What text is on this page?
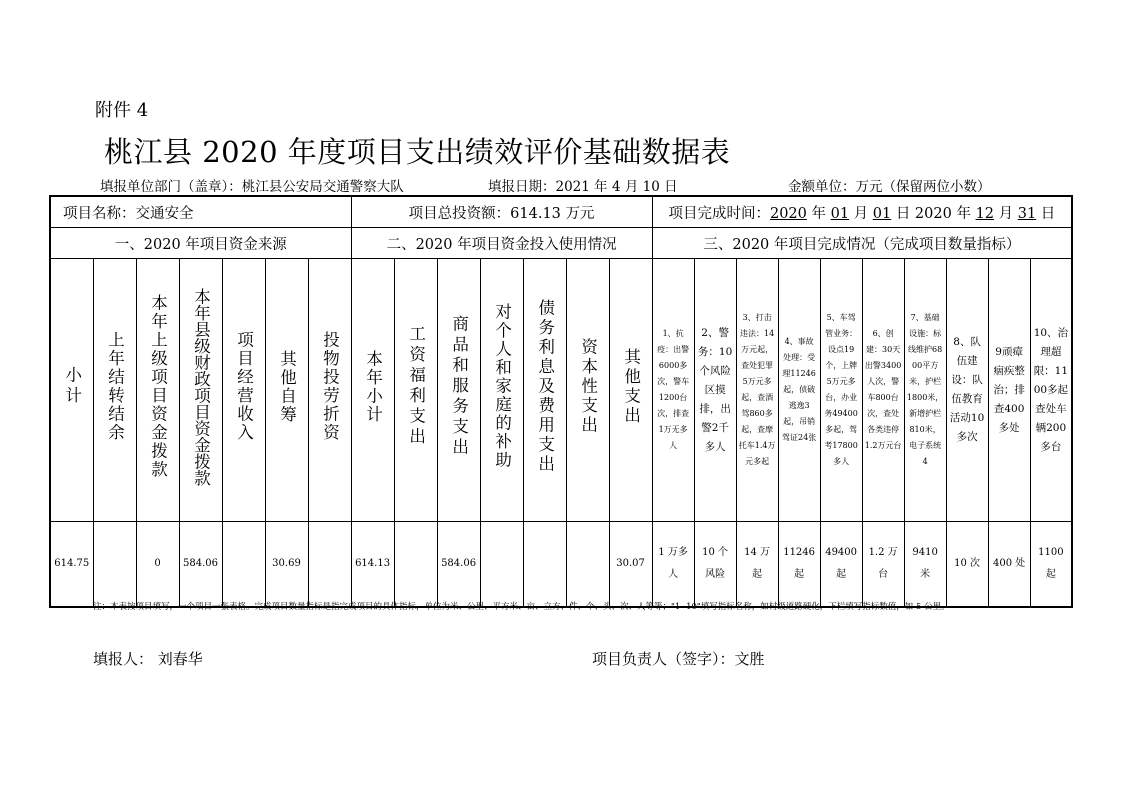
附件 4
桃江县 2020 年度项目支出绩效评价基础数据表
填报单位部门（盖章）：桃江县公安局交通警察大队	填报日期：2021 年 4 月 10 日	金额单位：万元（保留两位小数）
项目名称：交通安全							项目总投资额：614.13 万元							项目完成时间：2020 年 01 月 01 日 2020 年 12 月 31 日									
一、2020 年项目资金来源							二、2020 年项目资金投入使用情况							三、2020 年项目完成情况（完成项目数量指标）									
小计	上年结转结余	本年上级项目资金拨款	本年县级财政项目资金拨款	项目经营收入	其他自筹	投物投劳折资	本年小计	工资福利支出	商品和服务支出	对个人和家庭的补助	债务利息及费用支出	资本性支出	其他支出	1、抗疫：出警6000多次，警车1200台次，排查1万无多人	2、警务：10个风险区摸排，出警2千多人	3、打击违法：14万元起，查处犯罪5万元多起，查酒驾860多起，查摩托车1.4万元多起	4、事故处理：受理11246起，侦破逃逸3起，吊销驾证24张	5、车驾管业务：设点19个，上牌5万元多台，办业务49400多起，驾考17800多人	6、创建：30天出警3400人次，警车800台次，查处各类违停1.2万元台	7、基础设施：标线维护6800平方米，护栏1800米，新增护栏810米，电子系统4	8、队伍建设：队伍教育活动10多次	9顽瘴痼疾整治；排查400多处	10、治理超限：1100多起查处车辆200多台
614.75		0	584.06		30.69		614.13		584.06				30.07	1 万多人	10 个风险	14 万起	11246 起	49400 起	1.2 万台	9410 米	10 次	400 处	1100 起
注：本表按项目填写，一个项目一张表格。完成项目数量指标是指完成项目的具体指标，单位为米、公里、平方米、亩、立方、件、个、头、次、人等等；"1--10"填写指标名称，如村级道路硬化，下栏填写指标数值，如 5 公里。
填报人： 刘春华	项目负责人（签字）：文胜
